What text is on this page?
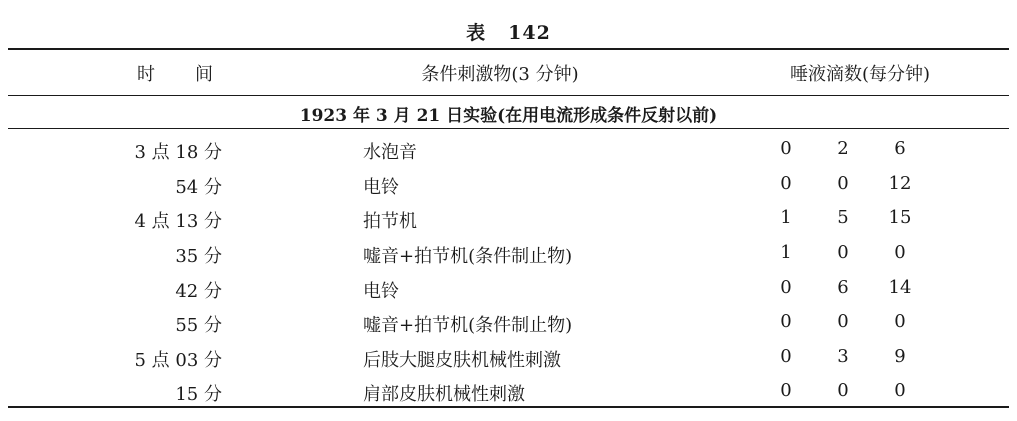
表 142
时 间	条件刺激物(3 分钟)	唾液滴数(每分钟)
1923 年 3 月 21 日实验(在用电流形成条件反射以前)
3 点 18 分	水泡音	0	2	6
54 分	电铃	0	0	12
4 点 13 分	拍节机	1	5	15
35 分	嘘音+拍节机(条件制止物)	1	0	0
42 分	电铃	0	6	14
55 分	嘘音+拍节机(条件制止物)	0	0	0
5 点 03 分	后肢大腿皮肤机械性刺激	0	3	9
15 分	肩部皮肤机械性刺激	0	0	0
